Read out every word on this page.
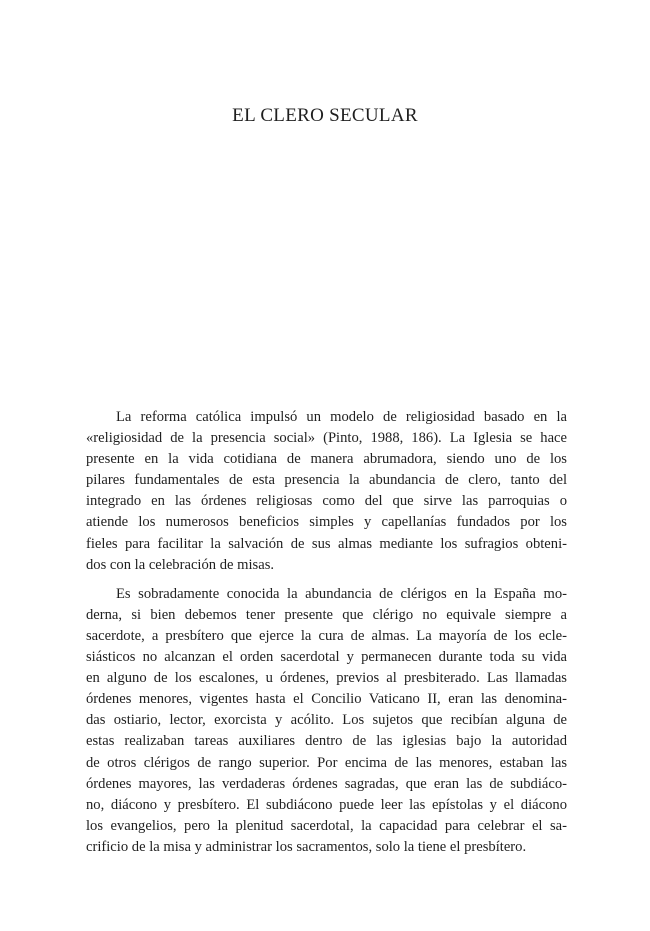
EL CLERO SECULAR
La reforma católica impulsó un modelo de religiosidad basado en la
«religiosidad de la presencia social» (Pinto, 1988, 186). La Iglesia se hace
presente en la vida cotidiana de manera abrumadora, siendo uno de los
pilares fundamentales de esta presencia la abundancia de clero, tanto del
integrado en las órdenes religiosas como del que sirve las parroquias o
atiende los numerosos beneficios simples y capellanías fundados por los
fieles para facilitar la salvación de sus almas mediante los sufragios obteni-
dos con la celebración de misas.
Es sobradamente conocida la abundancia de clérigos en la España mo-
derna, si bien debemos tener presente que clérigo no equivale siempre a
sacerdote, a presbítero que ejerce la cura de almas. La mayoría de los ecle-
siásticos no alcanzan el orden sacerdotal y permanecen durante toda su vida
en alguno de los escalones, u órdenes, previos al presbiterado. Las llamadas
órdenes menores, vigentes hasta el Concilio Vaticano II, eran las denomina-
das ostiario, lector, exorcista y acólito. Los sujetos que recibían alguna de
estas realizaban tareas auxiliares dentro de las iglesias bajo la autoridad
de otros clérigos de rango superior. Por encima de las menores, estaban las
órdenes mayores, las verdaderas órdenes sagradas, que eran las de subdiáco-
no, diácono y presbítero. El subdiácono puede leer las epístolas y el diácono
los evangelios, pero la plenitud sacerdotal, la capacidad para celebrar el sa-
crificio de la misa y administrar los sacramentos, solo la tiene el presbítero.
